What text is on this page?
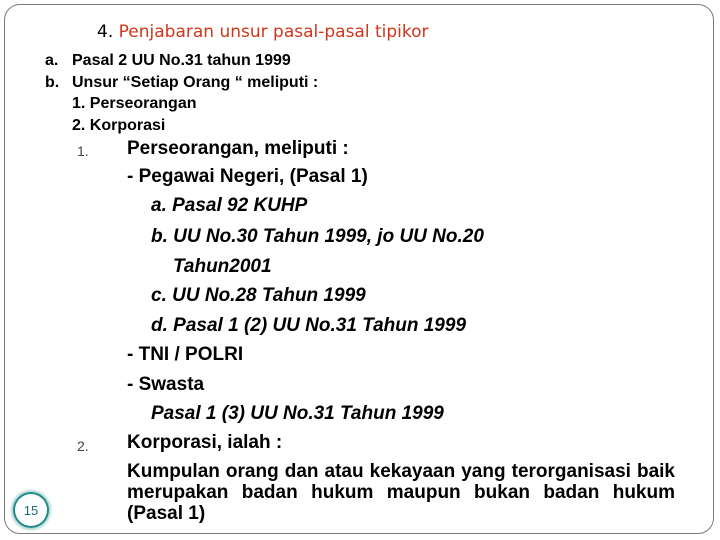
4. Penjabaran unsur pasal-pasal tipikor
a. Pasal 2 UU No.31 tahun 1999
b. Unsur “Setiap Orang “ meliputi :
1. Perseorangan
2. Korporasi
1. Perseorangan, meliputi :
- Pegawai Negeri, (Pasal 1)
a. Pasal 92 KUHP
b. UU No.30 Tahun 1999, jo UU No.20
Tahun2001
c. UU No.28 Tahun 1999
d. Pasal 1 (2) UU No.31 Tahun 1999
- TNI / POLRI
- Swasta
Pasal 1 (3) UU No.31 Tahun 1999
2. Korporasi, ialah :
Kumpulan orang dan atau kekayaan yang terorganisasi baik merupakan badan hukum maupun bukan badan hukum (Pasal 1)
15
